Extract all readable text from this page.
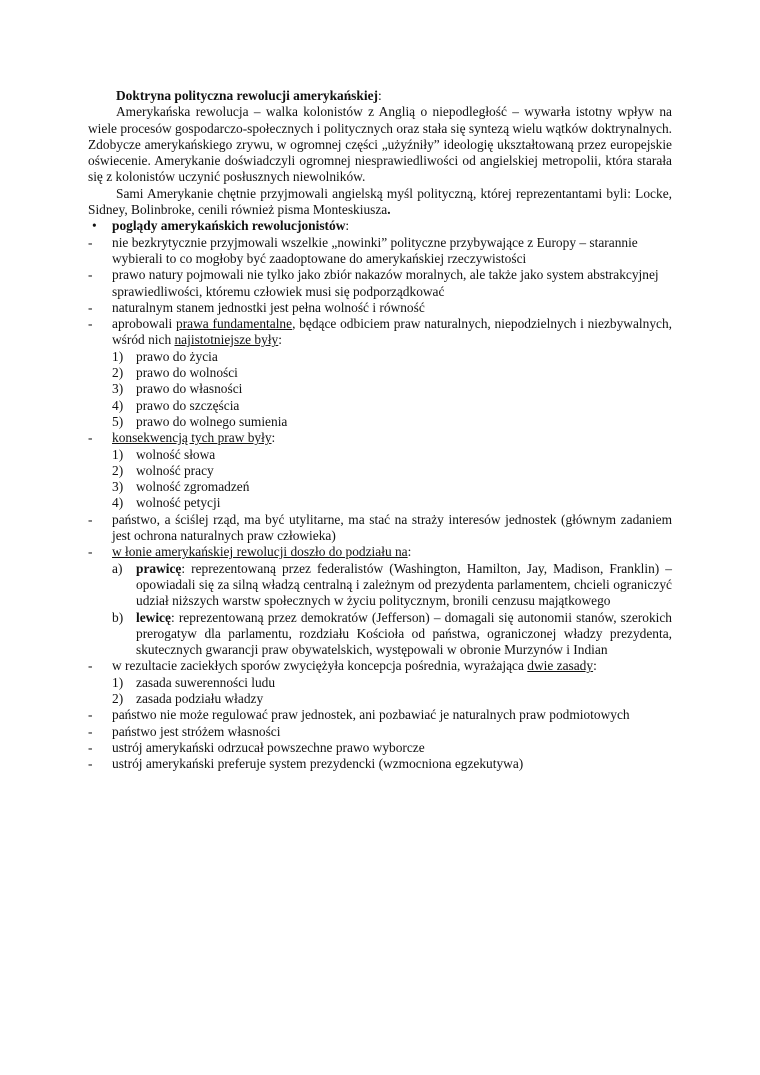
Doktryna polityczna rewolucji amerykańskiej:

Amerykańska rewolucja – walka kolonistów z Anglią o niepodległość – wywarła istotny wpływ na wiele procesów gospodarczo-społecznych i politycznych oraz stała się syntezą wielu wątków doktrynalnych. Zdobycze amerykańskiego zrywu, w ogromnej części „użyźniły” ideologię ukształtowaną przez europejskie oświecenie. Amerykanie doświadczyli ogromnej niesprawiedliwości od angielskiej metropolii, która starała się z kolonistów uczynić posłusznych niewolników.

Sami Amerykanie chętnie przyjmowali angielską myśl polityczną, której reprezentantami byli: Locke, Sidney, Bolinbroke, cenili również pisma Monteskiusza.

•	poglądy amerykańskich rewolucjonistów:
-	nie bezkrytycznie przyjmowali wszelkie „nowinki” polityczne przybywające z Europy – starannie wybierali to co mogłoby być zaadoptowane do amerykańskiej rzeczywistości
-	prawo natury pojmowali nie tylko jako zbiór nakazów moralnych, ale także jako system abstrakcyjnej sprawiedliwości, któremu człowiek musi się podporządkować
-	naturalnym stanem jednostki jest pełna wolność i równość
-	aprobowali prawa fundamentalne, będące odbiciem praw naturalnych, niepodzielnych i niezbywalnych, wśród nich najistotniejsze były:
1) prawo do życia
2) prawo do wolności
3) prawo do własności
4) prawo do szczęścia
5) prawo do wolnego sumienia
-	konsekwencją tych praw były:
1) wolność słowa
2) wolność pracy
3) wolność zgromadzeń
4) wolność petycji
-	państwo, a ściślej rząd, ma być utylitarne, ma stać na straży interesów jednostek (głównym zadaniem jest ochrona naturalnych praw człowieka)
-	w łonie amerykańskiej rewolucji doszło do podziału na:
a)	prawicę: reprezentowaną przez federalistów (Washington, Hamilton, Jay, Madison, Franklin) – opowiadali się za silną władzą centralną i zależnym od prezydenta parlamentem, chcieli ograniczyć udział niższych warstw społecznych w życiu politycznym, bronili cenzusu majątkowego
b) lewicę: reprezentowaną przez demokratów (Jefferson) – domagali się autonomii stanów, szerokich prerogatyw dla parlamentu, rozdziału Kościoła od państwa, ograniczonej władzy prezydenta, skutecznych gwarancji praw obywatelskich, występowali w obronie Murzynów i Indian
-	w rezultacie zaciekłych sporów zwyciężyła koncepcja pośrednia, wyrażająca dwie zasady:
1) zasada suwerenności ludu
2) zasada podziału władzy
-	państwo nie może regulować praw jednostek, ani pozbawiać je naturalnych praw podmiotowych
-	państwo jest stróżem własności
-	ustrój amerykański odrzucał powszechne prawo wyborcze
-	ustrój amerykański preferuje system prezydencki (wzmocniona egzekutywa)
